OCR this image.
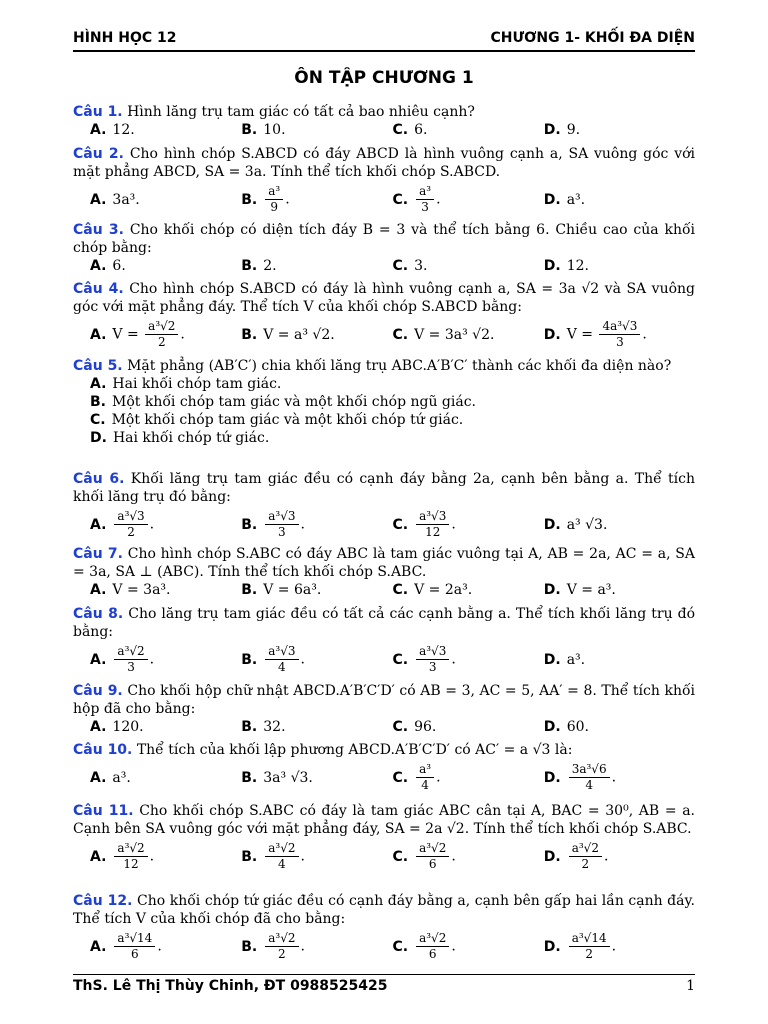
HÌNH HỌC 12	CHƯƠNG 1- KHỐI ĐA DIỆN
ÔN TẬP CHƯƠNG 1
Câu 1. Hình lăng trụ tam giác có tất cả bao nhiêu cạnh?
A. 12.	B. 10.	C. 6.	D. 9.
Câu 2. Cho hình chóp S.ABCD có đáy ABCD là hình vuông cạnh a, SA vuông góc với mặt phẳng ABCD, SA = 3a. Tính thể tích khối chóp S.ABCD.
A. 3a³.	B. $\frac{\text{a³}}{9}$ .	C. $\frac{\text{a³}}{3}$ .	D. a³.
Câu 3. Cho khối chóp có diện tích đáy B = 3 và thể tích bằng 6. Chiều cao của khối chóp bằng:
A. 6.	B. 2.	C. 3.	D. 12.
Câu 4. Cho hình chóp S.ABCD có đáy là hình vuông cạnh a, SA = 3a √2 và SA vuông góc với mặt phẳng đáy. Thể tích V của khối chóp S.ABCD bằng:
A. $V = \frac{\text{a³√2}}{2}$ .	B. V = a³ √2.	C. V = 3a³ √2.	D. $V = \frac{\text{4a³√3}}{3}$ .
Câu 5. Mặt phẳng (AB′C′) chia khối lăng trụ ABC.A′B′C′ thành các khối đa diện nào?
A. Hai khối chóp tam giác.
B. Một khối chóp tam giác và một khối chóp ngũ giác.
C. Một khối chóp tam giác và một khối chóp tứ giác.
D. Hai khối chóp tứ giác.
Câu 6. Khối lăng trụ tam giác đều có cạnh đáy bằng 2a, cạnh bên bằng a. Thể tích khối lăng trụ đó bằng:
A. $\frac{\text{a³√3}}{2}$ .	B. $\frac{\text{a³√3}}{3}$ .	C. $\frac{\text{a³√3}}{12}$ .	D. a³ √3.
Câu 7. Cho hình chóp S.ABC có đáy ABC là tam giác vuông tại A, AB = 2a, AC = a, SA = 3a, SA ⊥ (ABC). Tính thể tích khối chóp S.ABC.
A. V = 3a³.	B. V = 6a³.	C. V = 2a³.	D. V = a³.
Câu 8. Cho lăng trụ tam giác đều có tất cả các cạnh bằng a. Thể tích khối lăng trụ đó bằng:
A. $\frac{\text{a³√2}}{3}$ .	B. $\frac{\text{a³√3}}{4}$ .	C. $\frac{\text{a³√3}}{3}$ .	D. a³.
Câu 9. Cho khối hộp chữ nhật ABCD.A′B′C′D′ có AB = 3, AC = 5, AA′ = 8. Thể tích khối hộp đã cho bằng:
A. 120.	B. 32.	C. 96.	D. 60.
Câu 10. Thể tích của khối lập phương ABCD.A′B′C′D′ có AC′ = a √3 là:
A. a³.	B. 3a³ √3.	C. $\frac{\text{a³}}{4}$ .	D. $\frac{\text{3a³√6}}{4}$ .
Câu 11. Cho khối chóp S.ABC có đáy là tam giác ABC cân tại A, BAC = 30⁰, AB = a. Cạnh bên SA vuông góc với mặt phẳng đáy, SA = 2a √2. Tính thể tích khối chóp S.ABC.
A. $\frac{\text{a³√2}}{12}$ .	B. $\frac{\text{a³√2}}{4}$ .	C. $\frac{\text{a³√2}}{6}$ .	D. $\frac{\text{a³√2}}{2}$ .
Câu 12. Cho khối chóp tứ giác đều có cạnh đáy bằng a, cạnh bên gấp hai lần cạnh đáy. Thể tích V của khối chóp đã cho bằng:
A. $\frac{\text{a³√14}}{6}$ .	B. $\frac{\text{a³√2}}{2}$ .	C. $\frac{\text{a³√2}}{6}$ .	D. $\frac{\text{a³√14}}{2}$ .
ThS. Lê Thị Thùy Chinh, ĐT 0988525425	1
